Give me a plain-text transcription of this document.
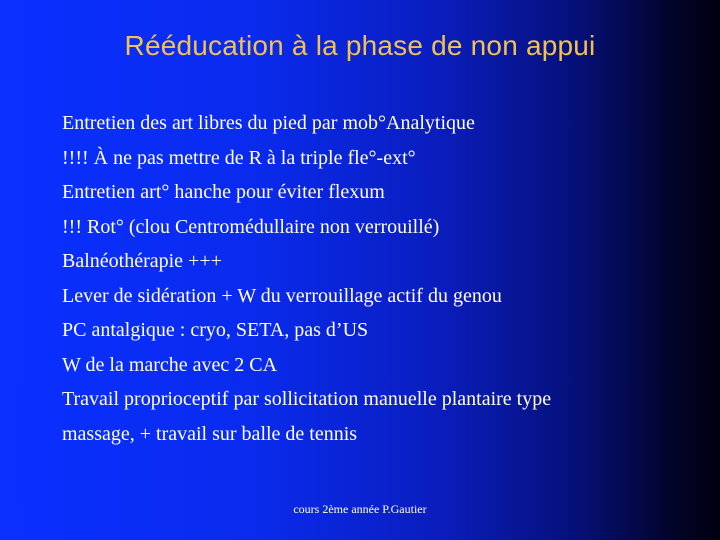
Rééducation à la phase de non appui
Entretien des art libres du pied par mob°Analytique
!!!! À ne pas mettre de R à la triple fle°-ext°
Entretien art° hanche pour éviter flexum
!!! Rot° (clou Centromédullaire non verrouillé)
Balnéothérapie +++
Lever de sidération + W du verrouillage actif du genou
PC antalgique : cryo, SETA, pas d’US
W de la marche avec 2 CA
Travail proprioceptif par sollicitation manuelle plantaire type
massage, + travail sur balle de tennis
cours 2ème année P.Gautier
